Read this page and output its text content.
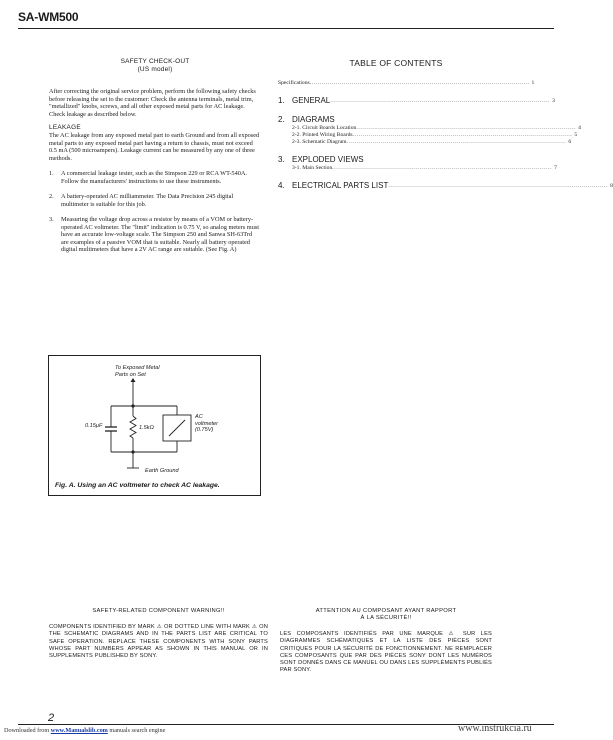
SA-WM500
SAFETY CHECK-OUT
(US model)

After correcting the original service problem, perform the following safety checks before releasing the set to the customer: Check the antenna terminals, metal trim, "metallized" knobs, screws, and all other exposed metal parts for AC leakage. Check leakage as described below.

LEAKAGE

The AC leakage from any exposed metal part to earth Ground and from all exposed metal parts to any exposed metal part having a return to chassis, must not exceed 0.5 mA (500 microampers). Leakage current can be measured by any one of three methods.

1.	A commercial leakage tester, such as the Simpson 229 or RCA WT-540A. Follow the manufacturers' instructions to use these instruments.
2.	A battery-operated AC milliammeter. The Data Precision 245 digital multimeter is suitable for this job.
3.	Measuring the voltage drop across a resistor by means of a VOM or battery-operated AC voltmeter. The "limit" indication is 0.75 V, so analog meters must have an accurate low-voltage scale. The Simpson 250 and Sanwa SH-63Trd are examples of a passive VOM that is suitable. Nearly all battery operated digital multimeters that have a 2V AC range are suitable. (See Fig. A)
To Exposed Metal
Parts on Set
0.15μF	1.5kΩ
AC
voltmeter
(0.75V)
Earth Ground
Fig. A. Using an AC voltmeter to check AC leakage.
TABLE OF CONTENTS
Specifications .............................................................................................................. 1
1. GENERAL .............................................................................................................. 3
2. DIAGRAMS
2-1. Circuit Boards Location .............................................................................................................. 4
2-2. Printed Wiring Boards .............................................................................................................. 5
2-3. Schematic Diagram .............................................................................................................. 6
3. EXPLODED VIEWS
3-1. Main Section .............................................................................................................. 7
4. ELECTRICAL PARTS LIST .............................................................................................................. 8
SAFETY-RELATED COMPONENT WARNING!!

COMPONENTS IDENTIFIED BY MARK ⚠ OR DOTTED LINE WITH MARK ⚠ ON THE SCHEMATIC DIAGRAMS AND IN THE PARTS LIST ARE CRITICAL TO SAFE OPERATION. REPLACE THESE COMPONENTS WITH SONY PARTS WHOSE PART NUMBERS APPEAR AS SHOWN IN THIS MANUAL OR IN SUPPLEMENTS PUBLISHED BY SONY.

ATTENTION AU COMPOSANT AYANT RAPPORT
À LA SÉCURITÉ!!

LES COMPOSANTS IDENTIFIÉS PAR UNE MARQUE ⚠ SUR LES DIAGRAMMES SCHÉMATIQUES ET LA LISTE DES PIÈCES SONT CRITIQUES POUR LA SÉCURITÉ DE FONCTIONNEMENT. NE REMPLACER CES COMPOSANTS QUE PAR DES PIÈCES SONY DONT LES NUMÉROS SONT DONNÉS DANS CE MANUEL OU DANS LES SUPPLÉMENTS PUBLIÉS PAR SONY.

2
Downloaded from www.Manualslib.com manuals search engine	www.instrukcia.ru
